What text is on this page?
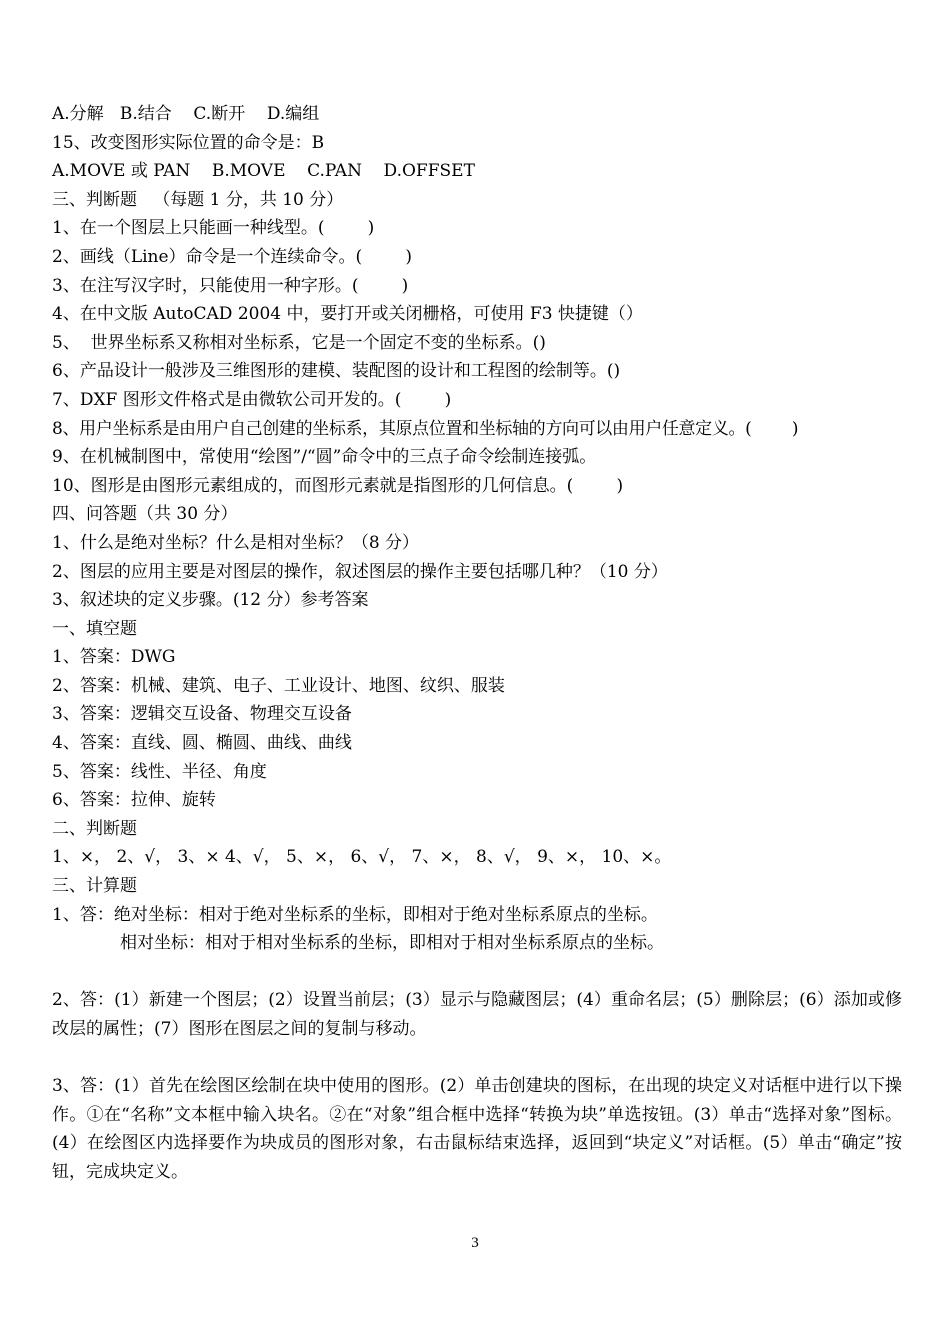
A.分解   B.结合    C.断开    D.编组
15、改变图形实际位置的命令是：B
A.MOVE 或 PAN    B.MOVE    C.PAN    D.OFFSET
三、判断题   （每题 1 分，共 10 分）
1、在一个图层上只能画一种线型。(        )
2、画线（Line）命令是一个连续命令。(        )
3、在注写汉字时，只能使用一种字形。(        )
4、在中文版 AutoCAD 2004 中，要打开或关闭栅格，可使用 F3 快捷键（）
5、  世界坐标系又称相对坐标系，它是一个固定不变的坐标系。()
6、产品设计一般涉及三维图形的建模、装配图的设计和工程图的绘制等。()
7、DXF 图形文件格式是由微软公司开发的。(        )
8、用户坐标系是由用户自己创建的坐标系，其原点位置和坐标轴的方向可以由用户任意定义。(        )
9、在机械制图中，常使用“绘图”/“圆”命令中的三点子命令绘制连接弧。
10、图形是由图形元素组成的，而图形元素就是指图形的几何信息。(        )
四、问答题（共 30 分）
1、什么是绝对坐标？什么是相对坐标？（8 分）
2、图层的应用主要是对图层的操作，叙述图层的操作主要包括哪几种？（10 分）
3、叙述块的定义步骤。(12 分）参考答案
一、填空题
1、答案：DWG
2、答案：机械、建筑、电子、工业设计、地图、纹织、服装
3、答案：逻辑交互设备、物理交互设备
4、答案：直线、圆、椭圆、曲线、曲线
5、答案：线性、半径、角度
6、答案：拉伸、旋转
二、判断题
1、×， 2、√， 3、× 4、√， 5、×， 6、√， 7、×， 8、√， 9、×， 10、×。
三、计算题
1、答：绝对坐标：相对于绝对坐标系的坐标，即相对于绝对坐标系原点的坐标。
相对坐标：相对于相对坐标系的坐标，即相对于相对坐标系原点的坐标。
2、答：(1）新建一个图层；(2）设置当前层；(3）显示与隐藏图层；(4）重命名层；(5）删除层；(6）添加或修改层的属性；(7）图形在图层之间的复制与移动。
3、答：(1）首先在绘图区绘制在块中使用的图形。(2）单击创建块的图标，在出现的块定义对话框中进行以下操作。①在“名称”文本框中输入块名。②在“对象”组合框中选择“转换为块”单选按钮。(3）单击“选择对象”图标。(4）在绘图区内选择要作为块成员的图形对象，右击鼠标结束选择，返回到“块定义”对话框。(5）单击“确定”按钮，完成块定义。
3
